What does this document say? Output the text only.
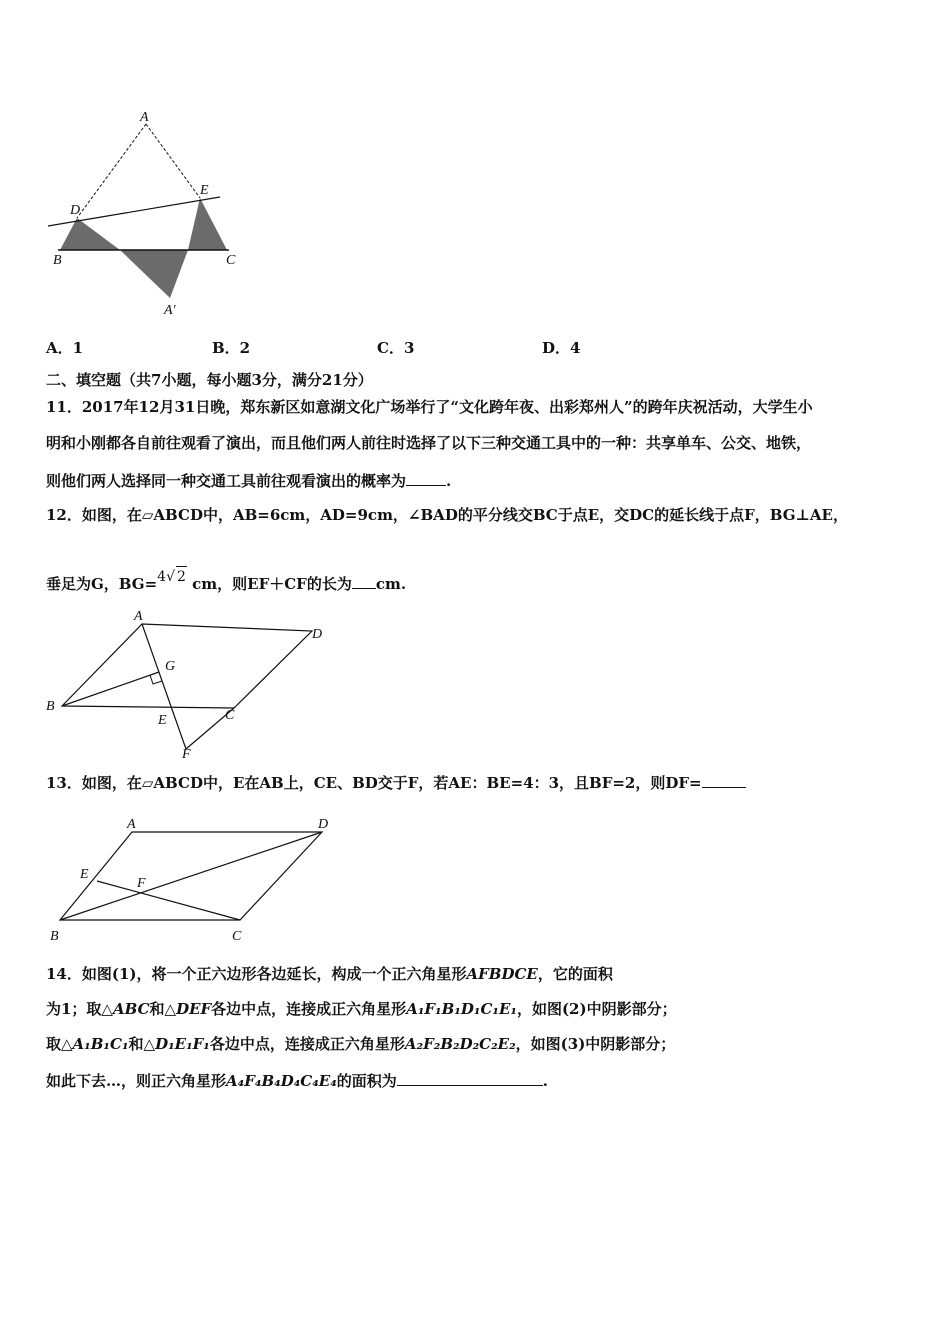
A
E
D
B	C
A′
A．1	B．2	C．3	D．4
二、填空题（共7小题，每小题3分，满分21分）
11．2017年12月31日晚，郑东新区如意湖文化广场举行了“文化跨年夜、出彩郑州人”的跨年庆祝活动，大学生小
明和小刚都各自前往观看了演出，而且他们两人前往时选择了以下三种交通工具中的一种：共享单车、公交、地铁，
则他们两人选择同一种交通工具前往观看演出的概率为	.
12．如图，在▱ABCD中，AB=6cm，AD=9cm，∠BAD的平分线交BC于点E，交DC的延长线于点F，BG⊥AE，
垂足为G，BG=4√ 2 cm，则EF＋CF的长为 cm.
A
D
G
B
E	C
F
13．如图，在▱ABCD中，E在AB上，CE、BD交于F，若AE：BE=4：3，且BF=2，则DF=
A	D
E
F
B	C
14．如图(1)，将一个正六边形各边延长，构成一个正六角星形AFBDCE，它的面积
为1；取△ABC和△DEF各边中点，连接成正六角星形A₁F₁B₁D₁C₁E₁，如图(2)中阴影部分；
取△A₁B₁C₁和△D₁E₁F₁各边中点，连接成正六角星形A₂F₂B₂D₂C₂E₂，如图(3)中阴影部分；
如此下去…，则正六角星形A₄F₄B₄D₄C₄E₄的面积为	.
